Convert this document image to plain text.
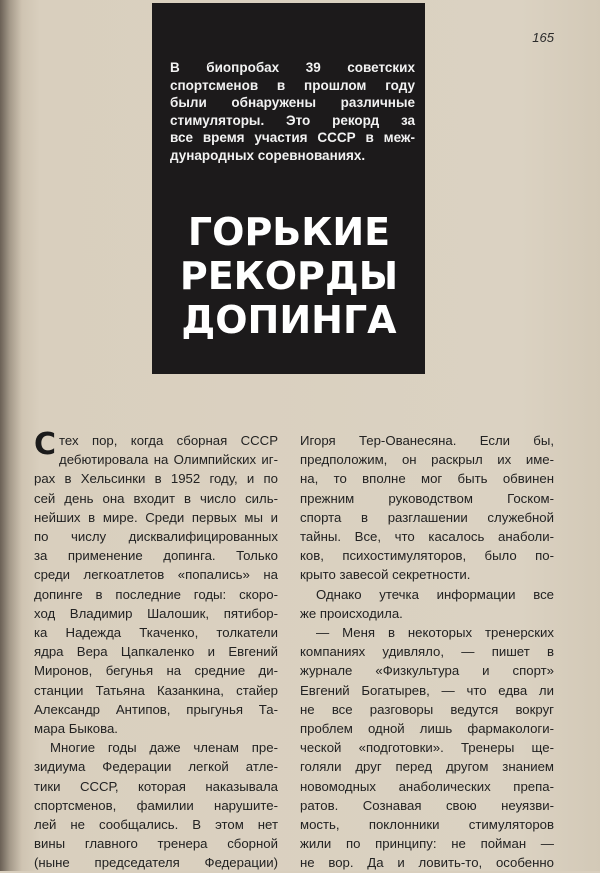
165
В биопробах 39 советских
спортсменов в прошлом году
были обнаружены различные
стимуляторы. Это рекорд за
все время участия СССР в меж-
дународных соревнованиях.
ГОРЬКИЕ
РЕКОРДЫ
ДОПИНГА
С тех пор, когда сборная СССР
дебютировала на Олимпийских иг-
рах в Хельсинки в 1952 году, и по
сей день она входит в число силь-
нейших в мире. Среди первых мы и
по числу дисквалифицированных
за применение допинга. Только
среди легкоатлетов «попались» на
допинге в последние годы: скоро-
ход Владимир Шалошик, пятибор-
ка Надежда Ткаченко, толкатели
ядра Вера Цапкаленко и Евгений
Миронов, бегунья на средние ди-
станции Татьяна Казанкина, стайер
Александр Антипов, прыгунья Та-
мара Быкова.
Многие годы даже членам пре-
зидиума Федерации легкой атле-
тики СССР, которая наказывала
спортсменов, фамилии нарушите-
лей не сообщались. В этом нет
вины главного тренера сборной
(ныне председателя Федерации)
Игоря Тер-Ованесяна. Если бы,
предположим, он раскрыл их име-
на, то вполне мог быть обвинен
прежним руководством Госком-
спорта в разглашении служебной
тайны. Все, что касалось анаболи-
ков, психостимуляторов, было по-
крыто завесой секретности.
Однако утечка информации все
же происходила.
— Меня в некоторых тренерских
компаниях удивляло, — пишет в
журнале «Физкультура и спорт»
Евгений Богатырев, — что едва ли
не все разговоры ведутся вокруг
проблем одной лишь фармакологи-
ческой «подготовки». Тренеры ще-
голяли друг перед другом знанием
новомодных анаболических препа-
ратов. Сознавая свою неуязви-
мость, поклонники стимуляторов
жили по принципу: не пойман —
не вор. Да и ловить-то, особенно
